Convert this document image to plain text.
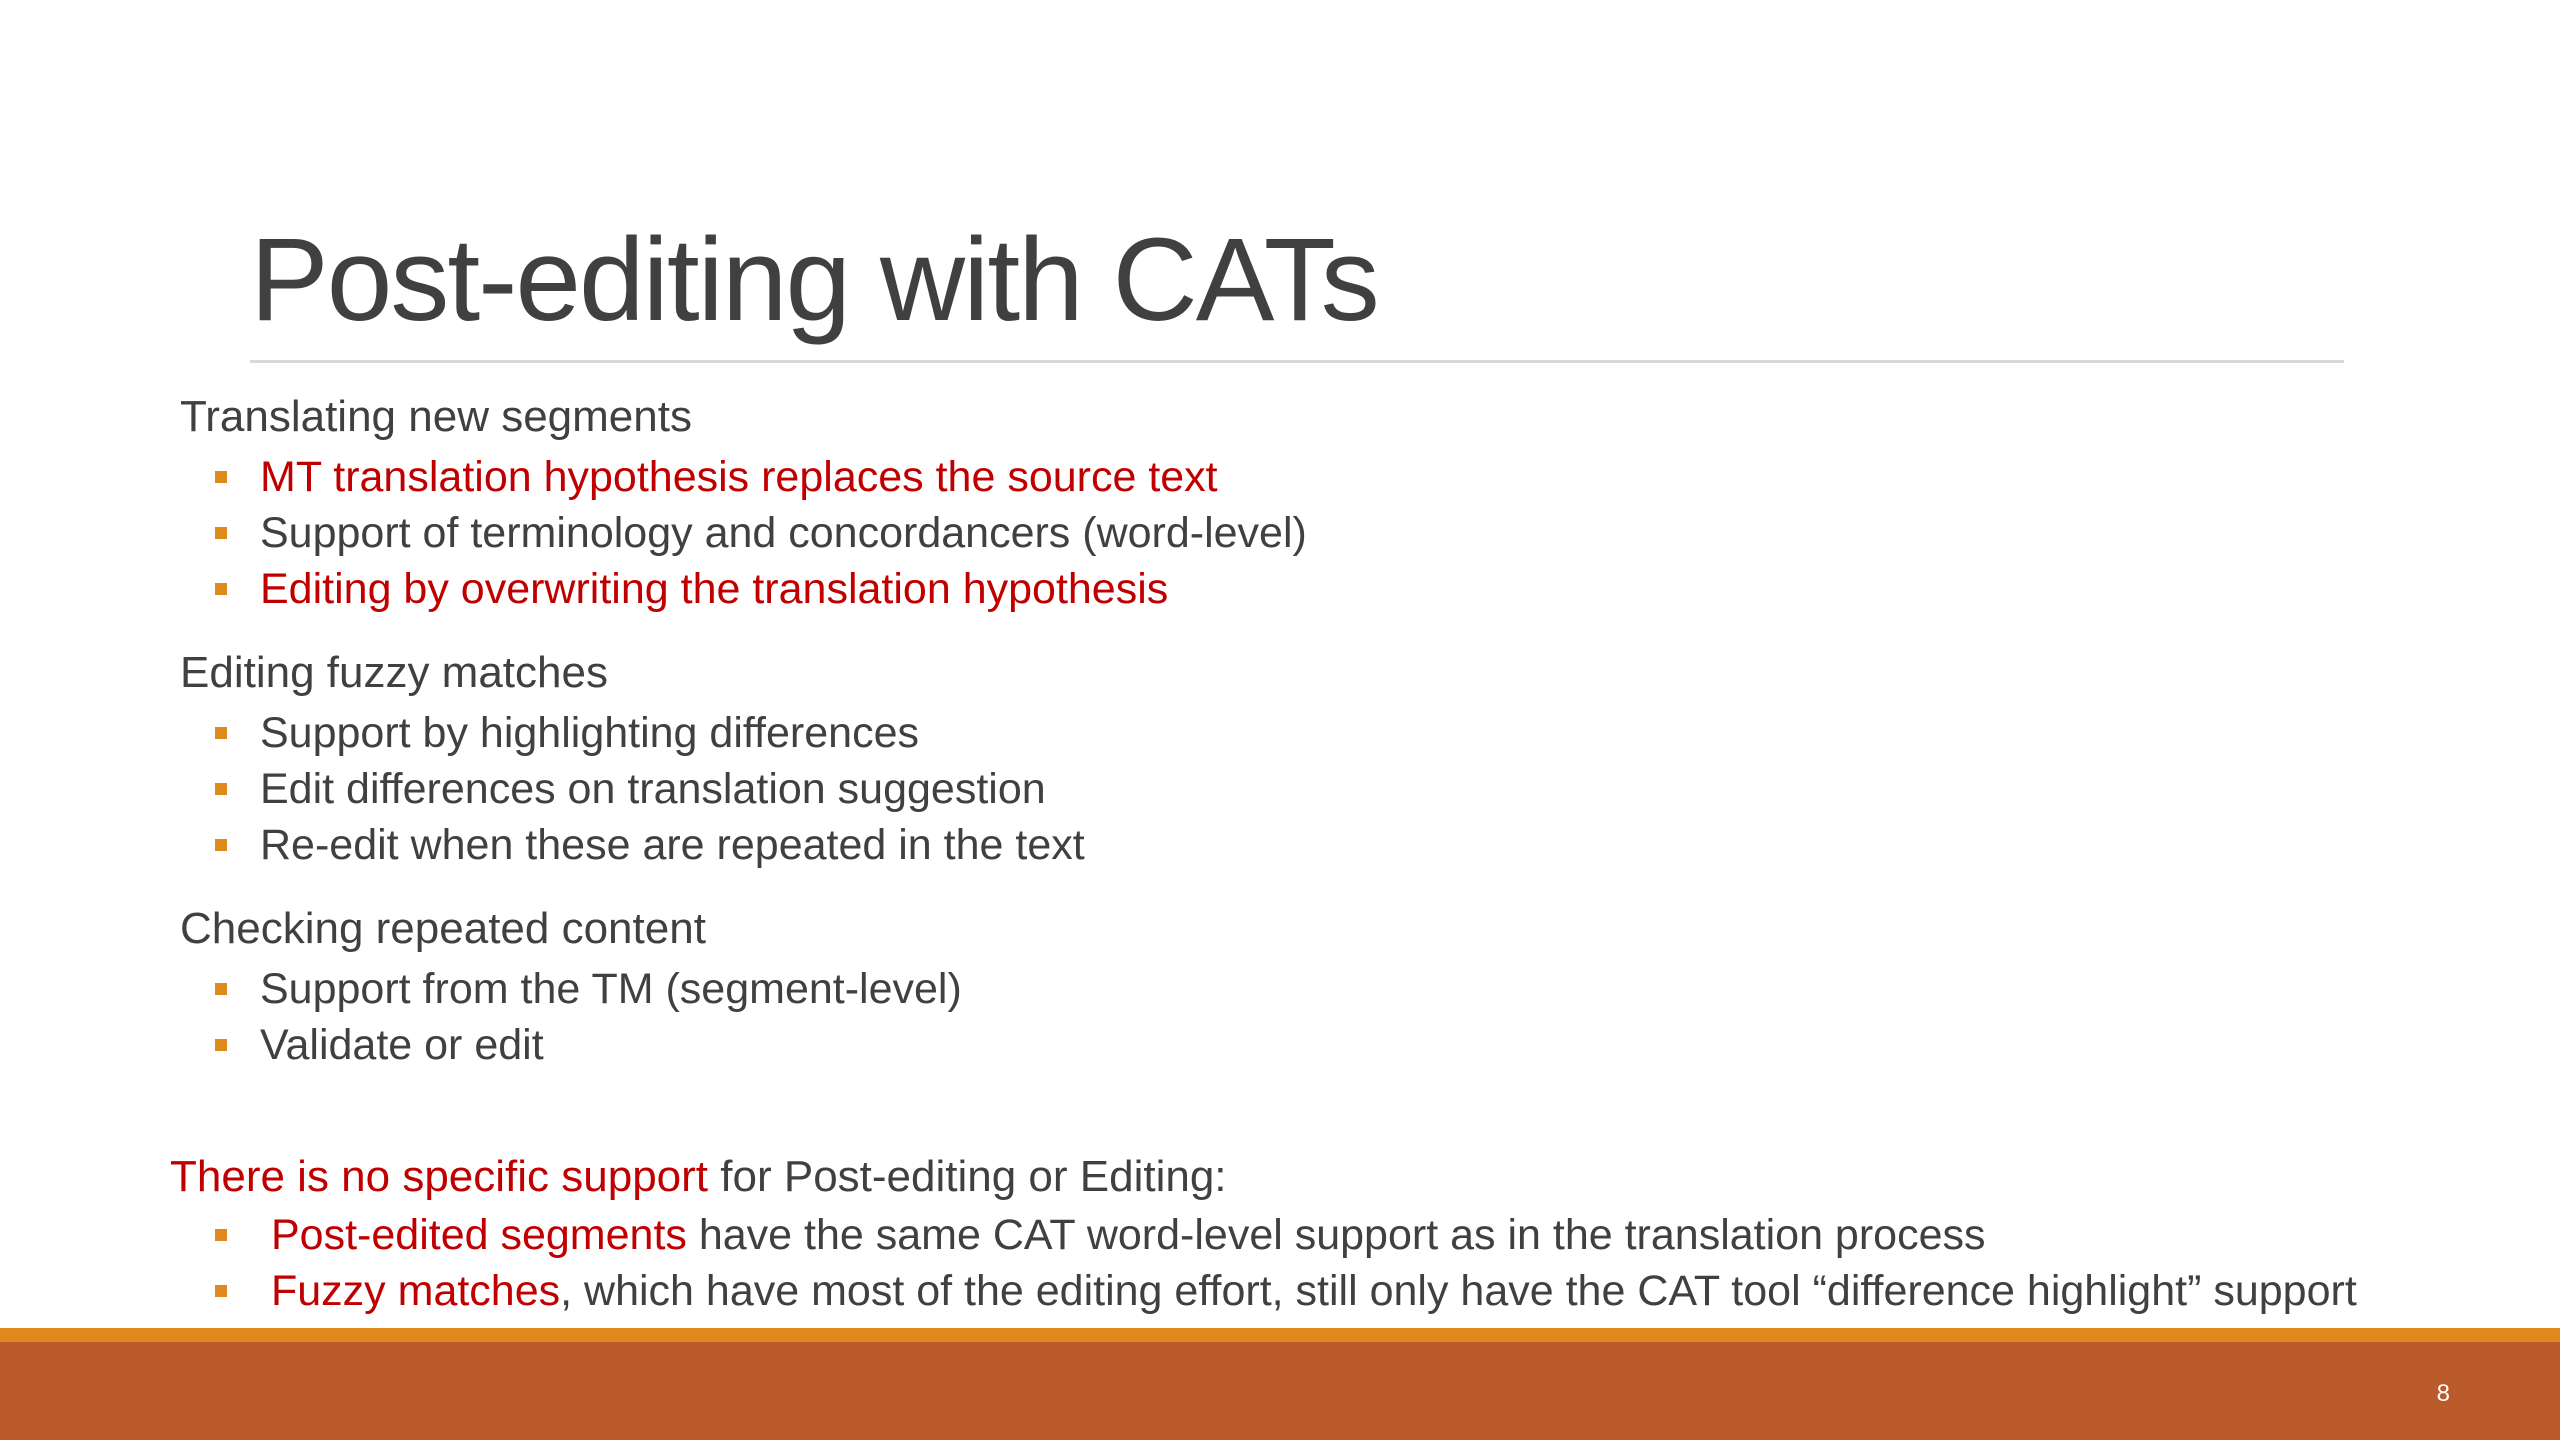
Post-editing with CATs
Translating new segments
MT translation hypothesis replaces the source text
Support of terminology and concordancers (word-level)
Editing by overwriting the translation hypothesis
Editing fuzzy matches
Support by highlighting differences
Edit differences on translation suggestion
Re-edit when these are repeated in the text
Checking repeated content
Support from the TM (segment-level)
Validate or edit
There is no specific support for Post-editing or Editing:
Post-edited segments have the same CAT word-level support as in the translation process
Fuzzy matches, which have most of the editing effort, still only have the CAT tool “difference highlight” support
8
